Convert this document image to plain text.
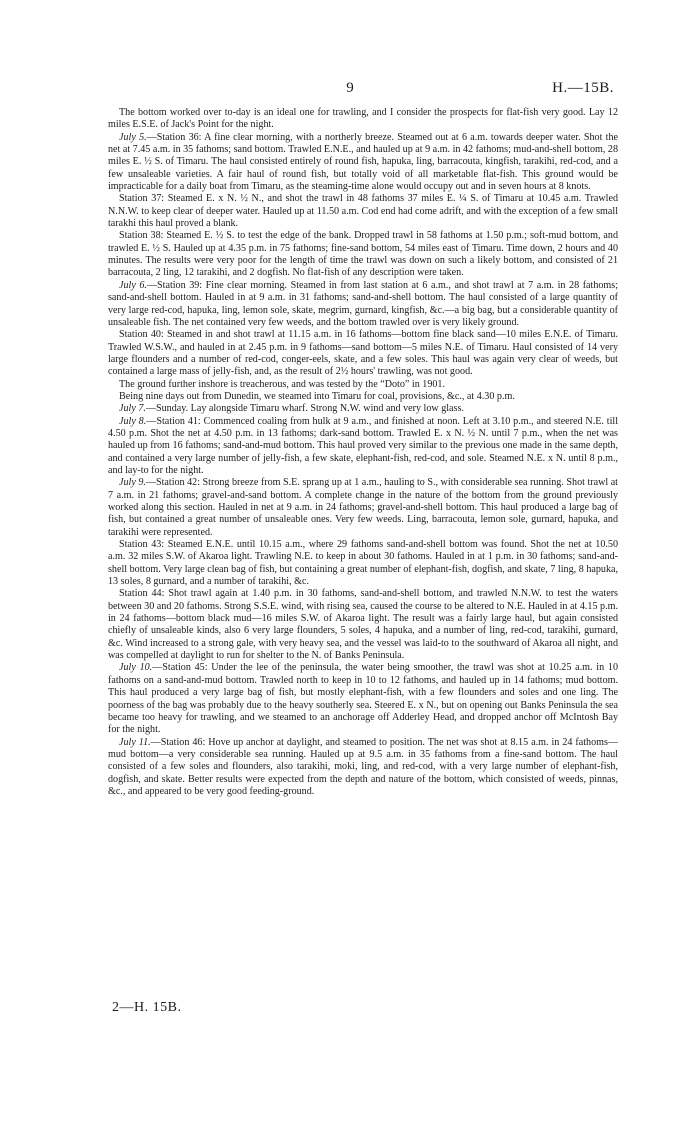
9	H.—15B.

The bottom worked over to-day is an ideal one for trawling, and I consider the prospects for flat-fish very good. Lay 12 miles E.S.E. of Jack's Point for the night.

July 5.—Station 36: A fine clear morning, with a northerly breeze. Steamed out at 6 a.m. towards deeper water. Shot the net at 7.45 a.m. in 35 fathoms; sand bottom. Trawled E.N.E., and hauled up at 9 a.m. in 42 fathoms; mud-and-shell bottom, 28 miles E. ½ S. of Timaru. The haul consisted entirely of round fish, hapuka, ling, barracouta, kingfish, tarakihi, red-cod, and a few unsaleable varieties. A fair haul of round fish, but totally void of all marketable flat-fish. This ground would be impracticable for a daily boat from Timaru, as the steaming-time alone would occupy out and in seven hours at 8 knots.

Station 37: Steamed E. x N. ½ N., and shot the trawl in 48 fathoms 37 miles E. ¼ S. of Timaru at 10.45 a.m. Trawled N.N.W. to keep clear of deeper water. Hauled up at 11.50 a.m. Cod end had come adrift, and with the exception of a few small tarakhi this haul proved a blank.

Station 38: Steamed E. ½ S. to test the edge of the bank. Dropped trawl in 58 fathoms at 1.50 p.m.; soft-mud bottom, and trawled E. ½ S. Hauled up at 4.35 p.m. in 75 fathoms; fine-sand bottom, 54 miles east of Timaru. Time down, 2 hours and 40 minutes. The results were very poor for the length of time the trawl was down on such a likely bottom, and consisted of 21 barracouta, 2 ling, 12 tarakihi, and 2 dogfish. No flat-fish of any description were taken.

July 6.—Station 39: Fine clear morning. Steamed in from last station at 6 a.m., and shot trawl at 7 a.m. in 28 fathoms; sand-and-shell bottom. Hauled in at 9 a.m. in 31 fathoms; sand-and-shell bottom. The haul consisted of a large quantity of very large red-cod, hapuka, ling, lemon sole, skate, megrim, gurnard, kingfish, &c.—a big bag, but a considerable quantity of unsaleable fish. The net contained very few weeds, and the bottom trawled over is very likely ground.

Station 40: Steamed in and shot trawl at 11.15 a.m. in 16 fathoms—bottom fine black sand—10 miles E.N.E. of Timaru. Trawled W.S.W., and hauled in at 2.45 p.m. in 9 fathoms—sand bottom—5 miles N.E. of Timaru. Haul consisted of 14 very large flounders and a number of red-cod, conger-eels, skate, and a few soles. This haul was again very clear of weeds, but contained a large mass of jelly-fish, and, as the result of 2½ hours' trawling, was not good.

The ground further inshore is treacherous, and was tested by the “Doto” in 1901.

Being nine days out from Dunedin, we steamed into Timaru for coal, provisions, &c., at 4.30 p.m.

July 7.—Sunday. Lay alongside Timaru wharf. Strong N.W. wind and very low glass.

July 8.—Station 41: Commenced coaling from hulk at 9 a.m., and finished at noon. Left at 3.10 p.m., and steered N.E. till 4.50 p.m. Shot the net at 4.50 p.m. in 13 fathoms; dark-sand bottom. Trawled E. x N. ½ N. until 7 p.m., when the net was hauled up from 16 fathoms; sand-and-mud bottom. This haul proved very similar to the previous one made in the same depth, and contained a very large number of jelly-fish, a few skate, elephant-fish, red-cod, and sole. Steamed N.E. x N. until 8 p.m., and lay-to for the night.

July 9.—Station 42: Strong breeze from S.E. sprang up at 1 a.m., hauling to S., with considerable sea running. Shot trawl at 7 a.m. in 21 fathoms; gravel-and-sand bottom. A complete change in the nature of the bottom from the ground previously worked along this section. Hauled in net at 9 a.m. in 24 fathoms; gravel-and-shell bottom. This haul produced a large bag of fish, but contained a great number of unsaleable ones. Very few weeds. Ling, barracouta, lemon sole, gurnard, hapuka, and tarakihi were represented.

Station 43: Steamed E.N.E. until 10.15 a.m., where 29 fathoms sand-and-shell bottom was found. Shot the net at 10.50 a.m. 32 miles S.W. of Akaroa light. Trawling N.E. to keep in about 30 fathoms. Hauled in at 1 p.m. in 30 fathoms; sand-and-shell bottom. Very large clean bag of fish, but containing a great number of elephant-fish, dogfish, and skate, 7 ling, 8 hapuka, 13 soles, 8 gurnard, and a number of tarakihi, &c.

Station 44: Shot trawl again at 1.40 p.m. in 30 fathoms, sand-and-shell bottom, and trawled N.N.W. to test the waters between 30 and 20 fathoms. Strong S.S.E. wind, with rising sea, caused the course to be altered to N.E. Hauled in at 4.15 p.m. in 24 fathoms—bottom black mud—16 miles S.W. of Akaroa light. The result was a fairly large haul, but again consisted chiefly of unsaleable kinds, also 6 very large flounders, 5 soles, 4 hapuka, and a number of ling, red-cod, tarakihi, gurnard, &c. Wind increased to a strong gale, with very heavy sea, and the vessel was laid-to to the southward of Akaroa all night, and was compelled at daylight to run for shelter to the N. of Banks Peninsula.

July 10.—Station 45: Under the lee of the peninsula, the water being smoother, the trawl was shot at 10.25 a.m. in 10 fathoms on a sand-and-mud bottom. Trawled north to keep in 10 to 12 fathoms, and hauled up in 14 fathoms; mud bottom. This haul produced a very large bag of fish, but mostly elephant-fish, with a few flounders and soles and one ling. The poorness of the bag was probably due to the heavy southerly sea. Steered E. x N., but on opening out Banks Peninsula the sea became too heavy for trawling, and we steamed to an anchorage off Adderley Head, and dropped anchor off McIntosh Bay for the night.

July 11.—Station 46: Hove up anchor at daylight, and steamed to position. The net was shot at 8.15 a.m. in 24 fathoms—mud bottom—a very considerable sea running. Hauled up at 9.5 a.m. in 35 fathoms from a fine-sand bottom. The haul consisted of a few soles and flounders, also tarakihi, moki, ling, and red-cod, with a very large number of elephant-fish, dogfish, and skate. Better results were expected from the depth and nature of the bottom, which consisted of weeds, pinnas, &c., and appeared to be very good feeding-ground.

2—H. 15B.
